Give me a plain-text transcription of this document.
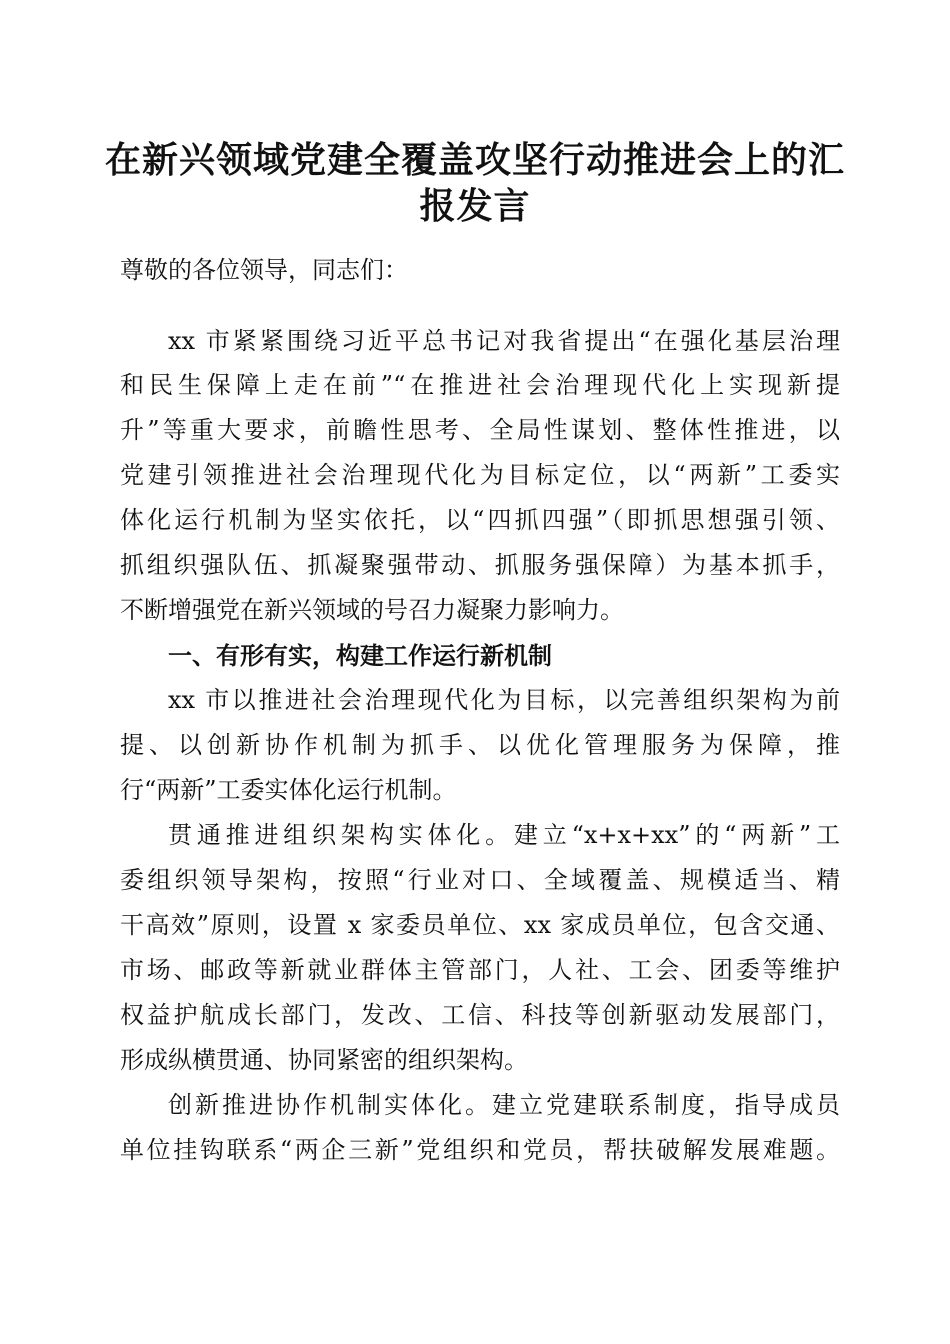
在新兴领域党建全覆盖攻坚行动推进会上的汇
报发言

尊敬的各位领导，同志们：

xx 市紧紧围绕习近平总书记对我省提出“在强化基层治理

和民生保障上走在前”“在推进社会治理现代化上实现新提

升”等重大要求，前瞻性思考、全局性谋划、整体性推进，以

党建引领推进社会治理现代化为目标定位，以“两新”工委实

体化运行机制为坚实依托，以“四抓四强”（即抓思想强引领、

抓组织强队伍、抓凝聚强带动、抓服务强保障）为基本抓手，

不断增强党在新兴领域的号召力凝聚力影响力。

一、有形有实，构建工作运行新机制

xx 市以推进社会治理现代化为目标，以完善组织架构为前

提、以创新协作机制为抓手、以优化管理服务为保障，推

行“两新”工委实体化运行机制。

贯通推进组织架构实体化。建立“x+x+xx”的“两新”工

委组织领导架构，按照“行业对口、全域覆盖、规模适当、精

干高效”原则，设置 x 家委员单位、xx 家成员单位，包含交通、

市场、邮政等新就业群体主管部门，人社、工会、团委等维护

权益护航成长部门，发改、工信、科技等创新驱动发展部门，

形成纵横贯通、协同紧密的组织架构。

创新推进协作机制实体化。建立党建联系制度，指导成员

单位挂钩联系“两企三新”党组织和党员，帮扶破解发展难题。
